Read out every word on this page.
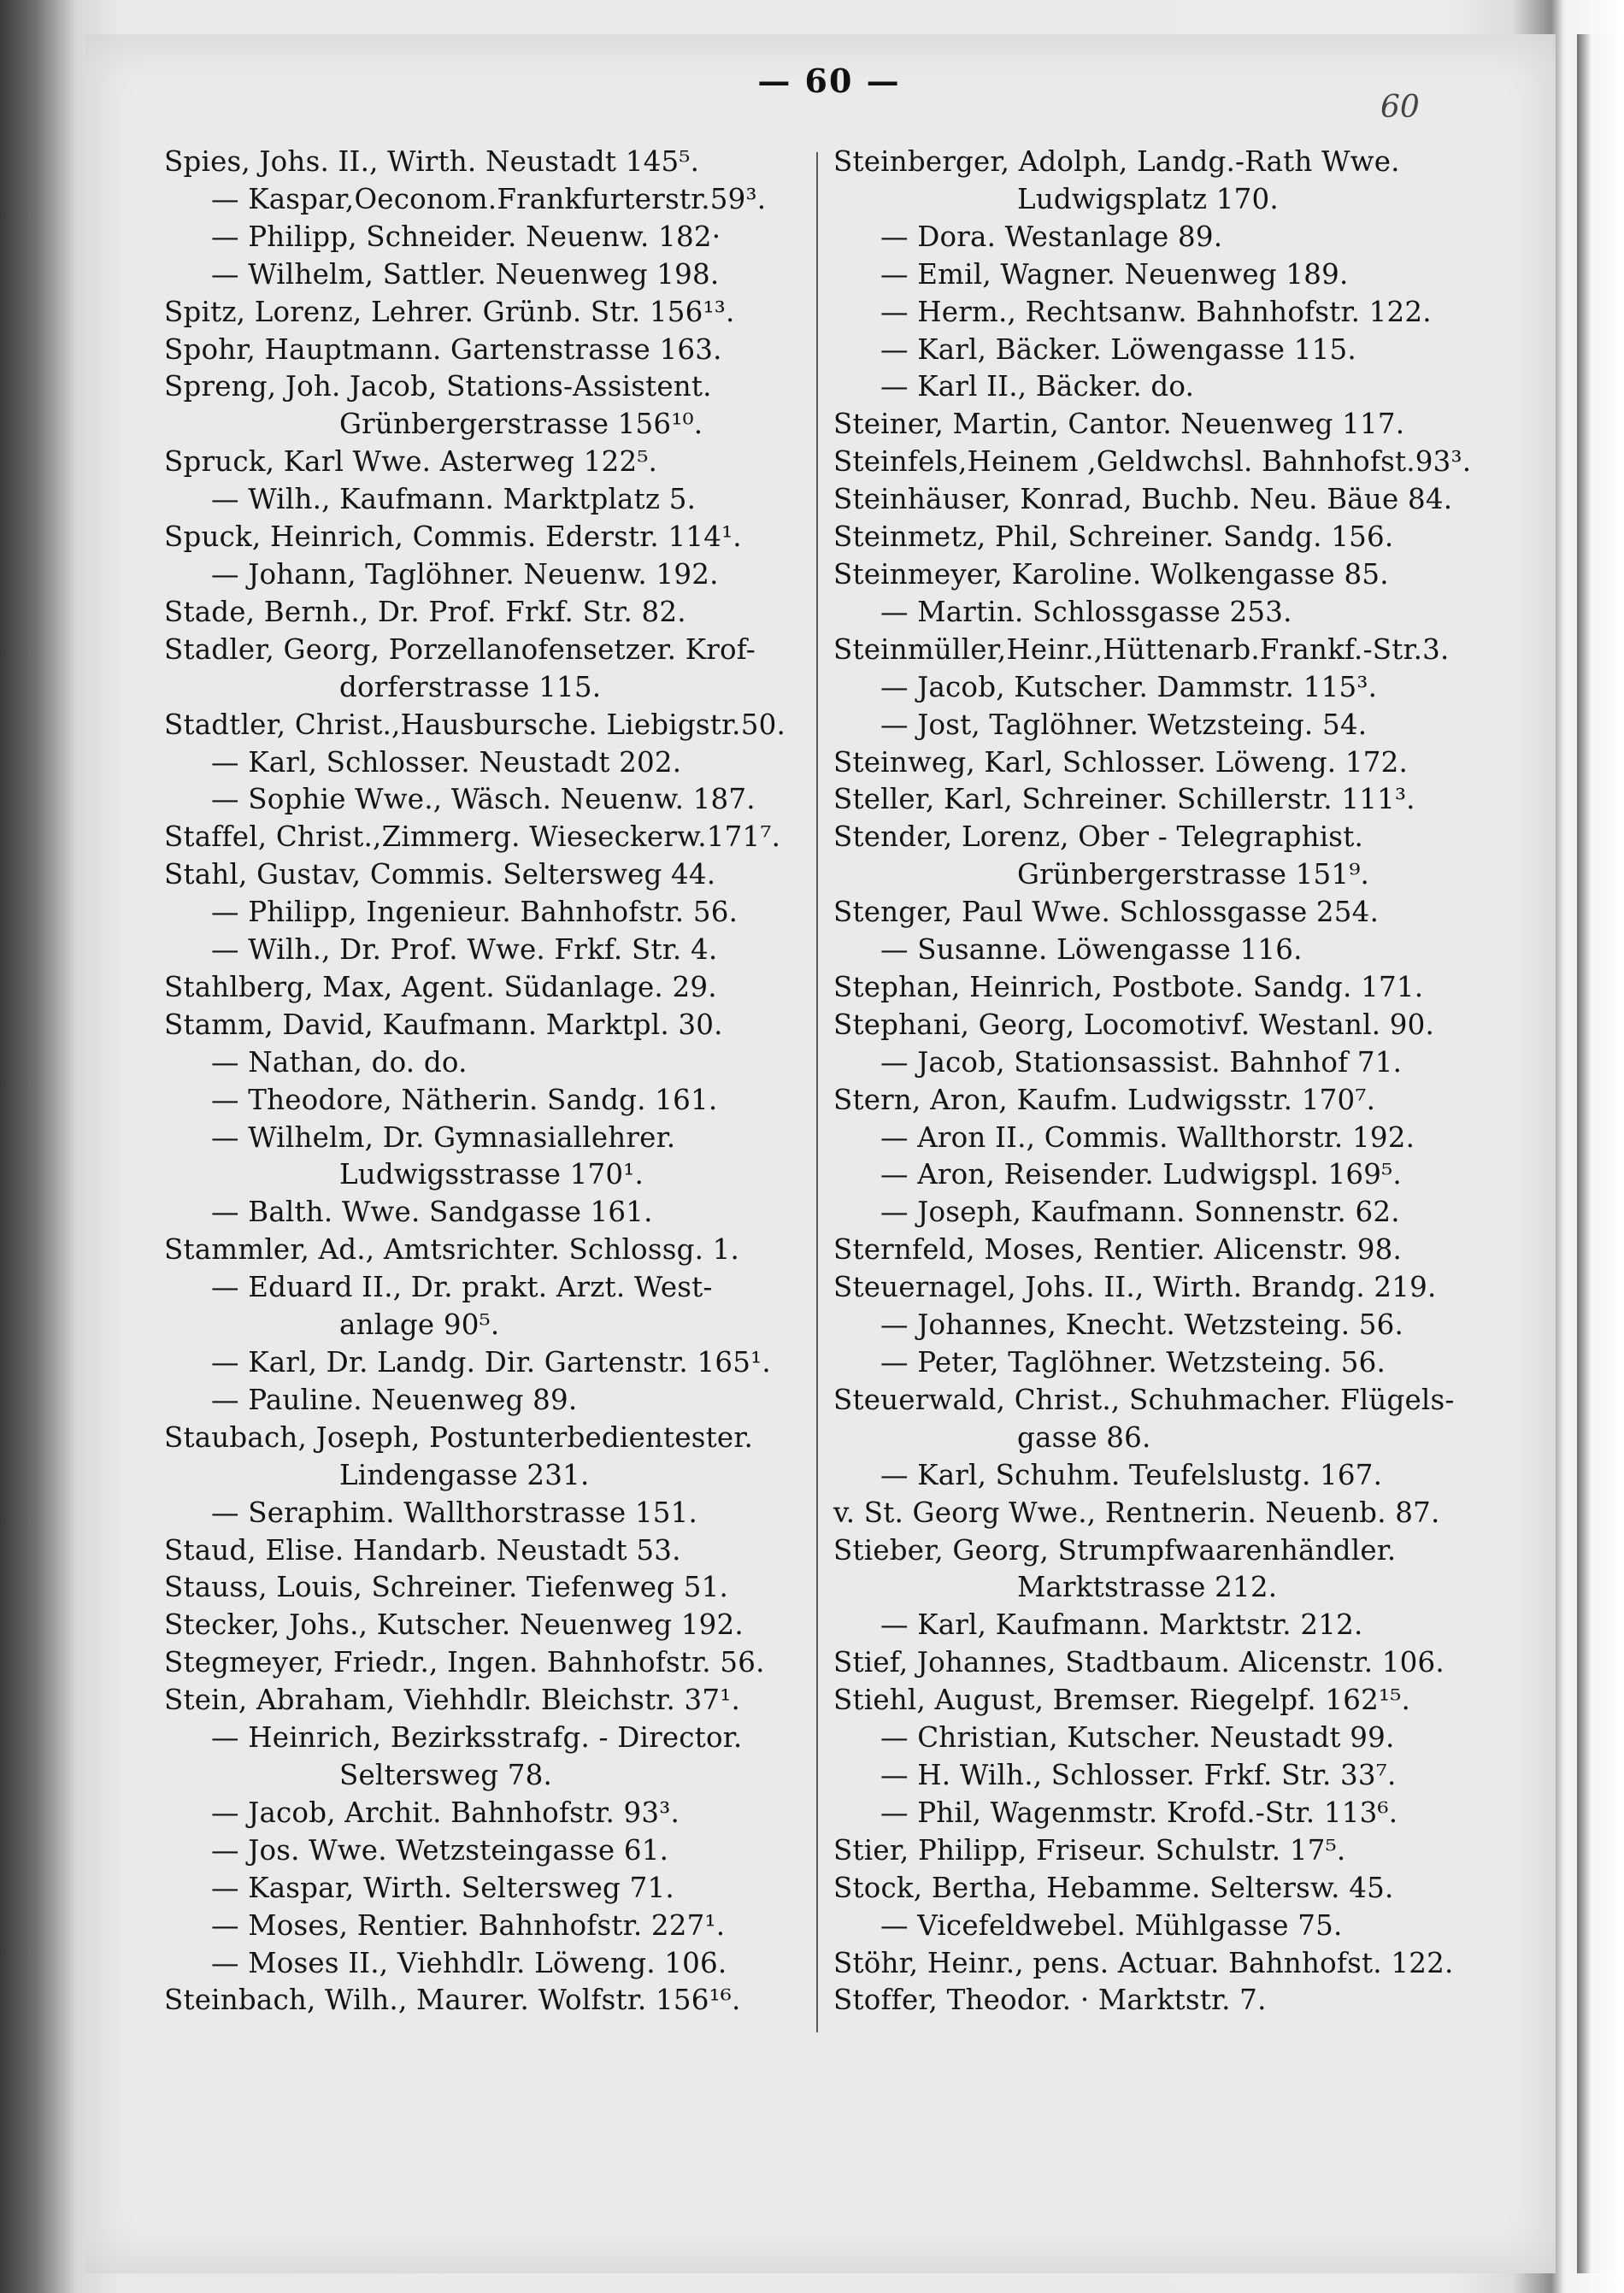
— 60 —
60
Spies, Johs. II., Wirth. Neustadt 145⁵.
— Kaspar,Oeconom.Frankfurterstr.59³.
— Philipp, Schneider. Neuenw. 182·
— Wilhelm, Sattler. Neuenweg 198.
Spitz, Lorenz, Lehrer. Grünb. Str. 156¹³.
Spohr, Hauptmann. Gartenstrasse 163.
Spreng, Joh. Jacob, Stations-Assistent.
Grünbergerstrasse 156¹⁰.
Spruck, Karl Wwe. Asterweg 122⁵.
— Wilh., Kaufmann. Marktplatz 5.
Spuck, Heinrich, Commis. Ederstr. 114¹.
— Johann, Taglöhner. Neuenw. 192.
Stade, Bernh., Dr. Prof. Frkf. Str. 82.
Stadler, Georg, Porzellanofensetzer. Krof-
dorferstrasse 115.
Stadtler, Christ.,Hausbursche. Liebigstr.50.
— Karl, Schlosser. Neustadt 202.
— Sophie Wwe., Wäsch. Neuenw. 187.
Staffel, Christ.,Zimmerg. Wieseckerw.171⁷.
Stahl, Gustav, Commis. Seltersweg 44.
— Philipp, Ingenieur. Bahnhofstr. 56.
— Wilh., Dr. Prof. Wwe. Frkf. Str. 4.
Stahlberg, Max, Agent. Südanlage. 29.
Stamm, David, Kaufmann. Marktpl. 30.
— Nathan, do. do.
— Theodore, Nätherin. Sandg. 161.
— Wilhelm, Dr. Gymnasiallehrer.
Ludwigsstrasse 170¹.
— Balth. Wwe. Sandgasse 161.
Stammler, Ad., Amtsrichter. Schlossg. 1.
— Eduard II., Dr. prakt. Arzt. West-
anlage 90⁵.
— Karl, Dr. Landg. Dir. Gartenstr. 165¹.
— Pauline. Neuenweg 89.
Staubach, Joseph, Postunterbedientester.
Lindengasse 231.
— Seraphim. Wallthorstrasse 151.
Staud, Elise. Handarb. Neustadt 53.
Stauss, Louis, Schreiner. Tiefenweg 51.
Stecker, Johs., Kutscher. Neuenweg 192.
Stegmeyer, Friedr., Ingen. Bahnhofstr. 56.
Stein, Abraham, Viehhdlr. Bleichstr. 37¹.
— Heinrich, Bezirksstrafg. - Director.
Seltersweg 78.
— Jacob, Archit. Bahnhofstr. 93³.
— Jos. Wwe. Wetzsteingasse 61.
— Kaspar, Wirth. Seltersweg 71.
— Moses, Rentier. Bahnhofstr. 227¹.
— Moses II., Viehhdlr. Löweng. 106.
Steinbach, Wilh., Maurer. Wolfstr. 156¹⁶.
Steinberger, Adolph, Landg.-Rath Wwe.
Ludwigsplatz 170.
— Dora. Westanlage 89.
— Emil, Wagner. Neuenweg 189.
— Herm., Rechtsanw. Bahnhofstr. 122.
— Karl, Bäcker. Löwengasse 115.
— Karl II., Bäcker. do.
Steiner, Martin, Cantor. Neuenweg 117.
Steinfels,Heinem ,Geldwchsl. Bahnhofst.93³.
Steinhäuser, Konrad, Buchb. Neu. Bäue 84.
Steinmetz, Phil, Schreiner. Sandg. 156.
Steinmeyer, Karoline. Wolkengasse 85.
— Martin. Schlossgasse 253.
Steinmüller,Heinr.,Hüttenarb.Frankf.-Str.3.
— Jacob, Kutscher. Dammstr. 115³.
— Jost, Taglöhner. Wetzsteing. 54.
Steinweg, Karl, Schlosser. Löweng. 172.
Steller, Karl, Schreiner. Schillerstr. 111³.
Stender, Lorenz, Ober - Telegraphist.
Grünbergerstrasse 151⁹.
Stenger, Paul Wwe. Schlossgasse 254.
— Susanne. Löwengasse 116.
Stephan, Heinrich, Postbote. Sandg. 171.
Stephani, Georg, Locomotivf. Westanl. 90.
— Jacob, Stationsassist. Bahnhof 71.
Stern, Aron, Kaufm. Ludwigsstr. 170⁷.
— Aron II., Commis. Wallthorstr. 192.
— Aron, Reisender. Ludwigspl. 169⁵.
— Joseph, Kaufmann. Sonnenstr. 62.
Sternfeld, Moses, Rentier. Alicenstr. 98.
Steuernagel, Johs. II., Wirth. Brandg. 219.
— Johannes, Knecht. Wetzsteing. 56.
— Peter, Taglöhner. Wetzsteing. 56.
Steuerwald, Christ., Schuhmacher. Flügels-
gasse 86.
— Karl, Schuhm. Teufelslustg. 167.
v. St. Georg Wwe., Rentnerin. Neuenb. 87.
Stieber, Georg, Strumpfwaarenhändler.
Marktstrasse 212.
— Karl, Kaufmann. Marktstr. 212.
Stief, Johannes, Stadtbaum. Alicenstr. 106.
Stiehl, August, Bremser. Riegelpf. 162¹⁵.
— Christian, Kutscher. Neustadt 99.
— H. Wilh., Schlosser. Frkf. Str. 33⁷.
— Phil, Wagenmstr. Krofd.-Str. 113⁶.
Stier, Philipp, Friseur. Schulstr. 17⁵.
Stock, Bertha, Hebamme. Seltersw. 45.
— Vicefeldwebel. Mühlgasse 75.
Stöhr, Heinr., pens. Actuar. Bahnhofst. 122.
Stoffer, Theodor. · Marktstr. 7.
